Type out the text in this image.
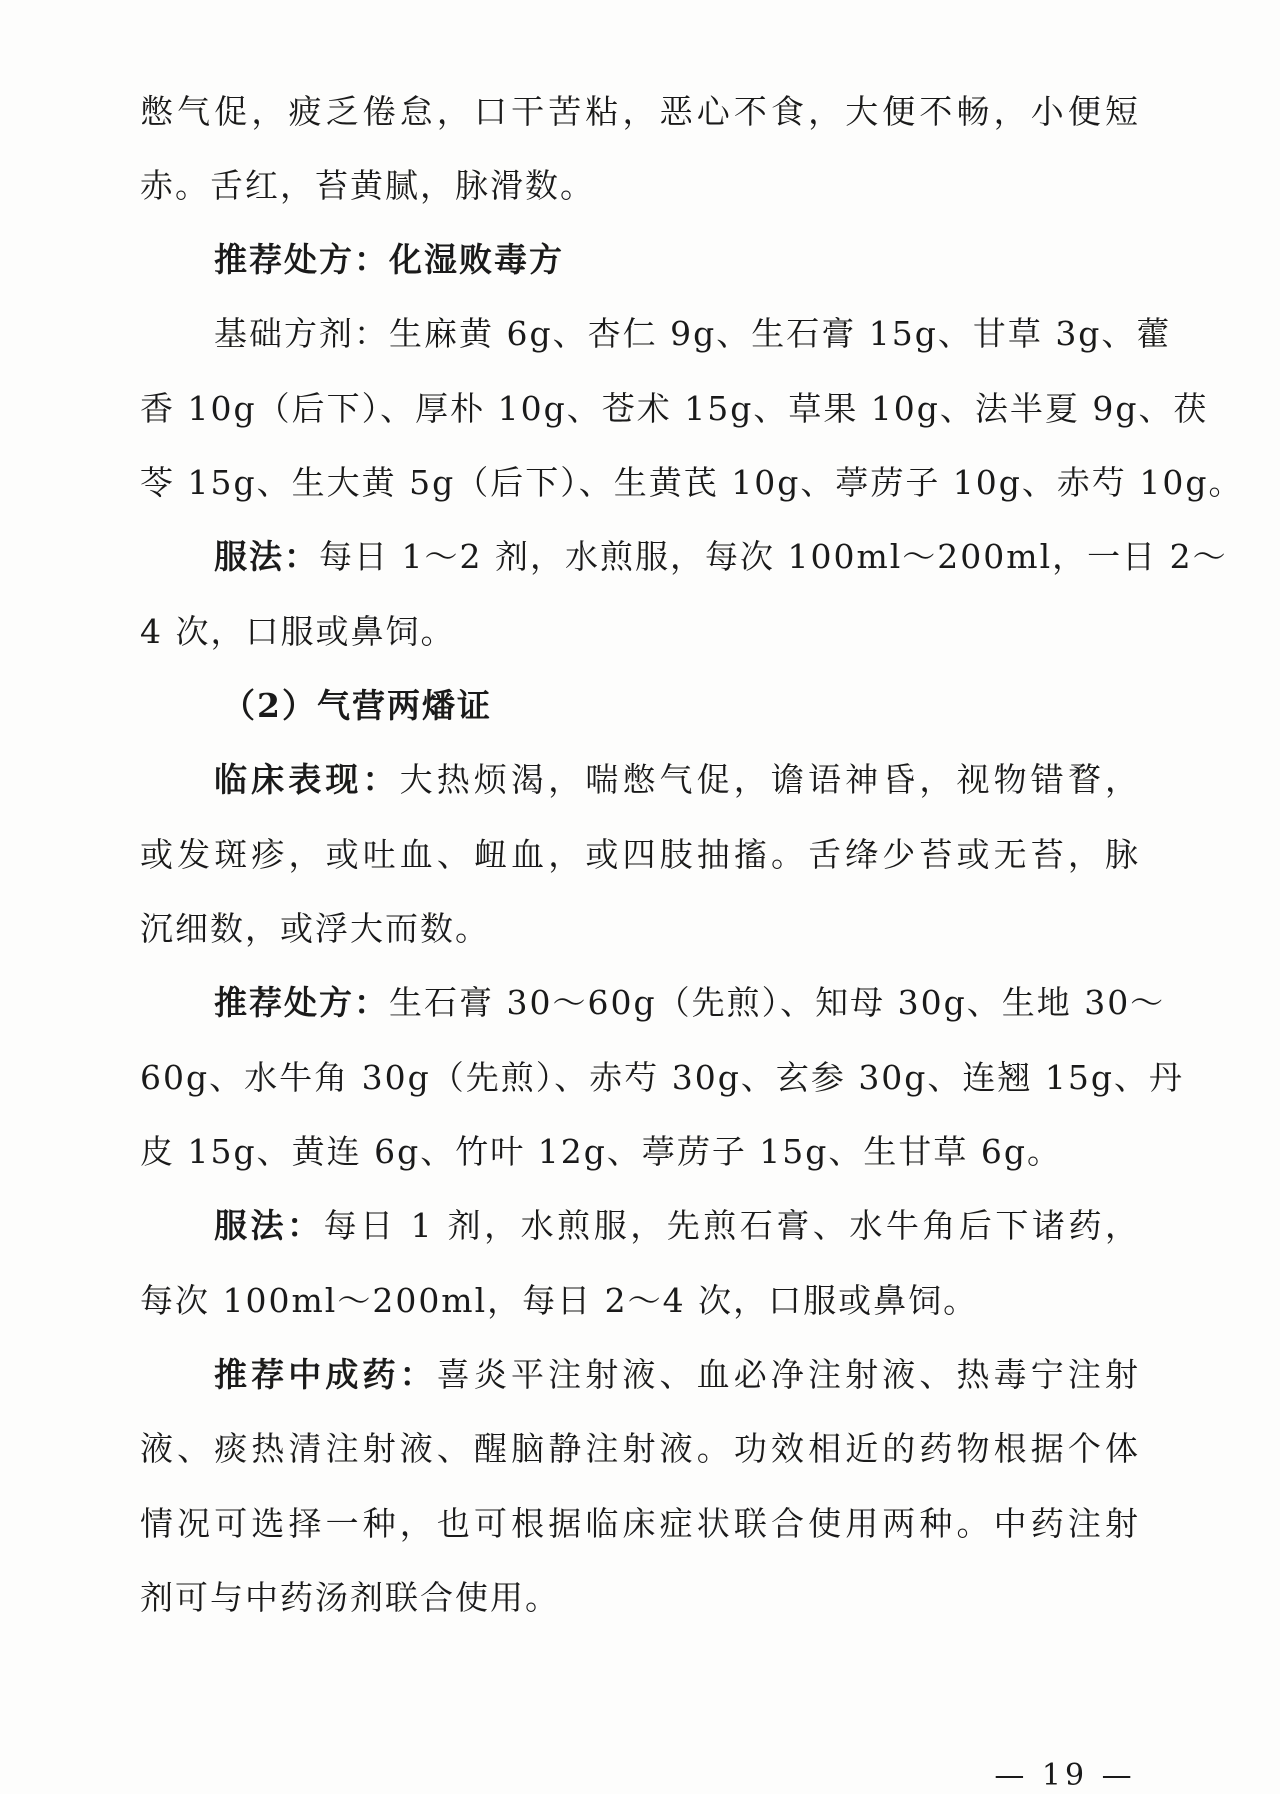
憋气促，疲乏倦怠，口干苦粘，恶心不食，大便不畅，小便短
赤。舌红，苔黄腻，脉滑数。
推荐处方：化湿败毒方
基础方剂：生麻黄 6g、杏仁 9g、生石膏 15g、甘草 3g、藿
香 10g（后下）、厚朴 10g、苍术 15g、草果 10g、法半夏 9g、茯
苓 15g、生大黄 5g（后下）、生黄芪 10g、葶苈子 10g、赤芍 10g。
服法：每日 1～2 剂，水煎服，每次 100ml～200ml，一日 2～
4 次，口服或鼻饲。
（2）气营两燔证
临床表现：大热烦渴，喘憋气促，谵语神昏，视物错瞀，
或发斑疹，或吐血、衄血，或四肢抽搐。舌绛少苔或无苔，脉
沉细数，或浮大而数。
推荐处方：生石膏 30～60g（先煎）、知母 30g、生地 30～
60g、水牛角 30g（先煎）、赤芍 30g、玄参 30g、连翘 15g、丹
皮 15g、黄连 6g、竹叶 12g、葶苈子 15g、生甘草 6g。
服法：每日 1 剂，水煎服，先煎石膏、水牛角后下诸药，
每次 100ml～200ml，每日 2～4 次，口服或鼻饲。
推荐中成药：喜炎平注射液、血必净注射液、热毒宁注射
液、痰热清注射液、醒脑静注射液。功效相近的药物根据个体
情况可选择一种，也可根据临床症状联合使用两种。中药注射
剂可与中药汤剂联合使用。
— 19 —
